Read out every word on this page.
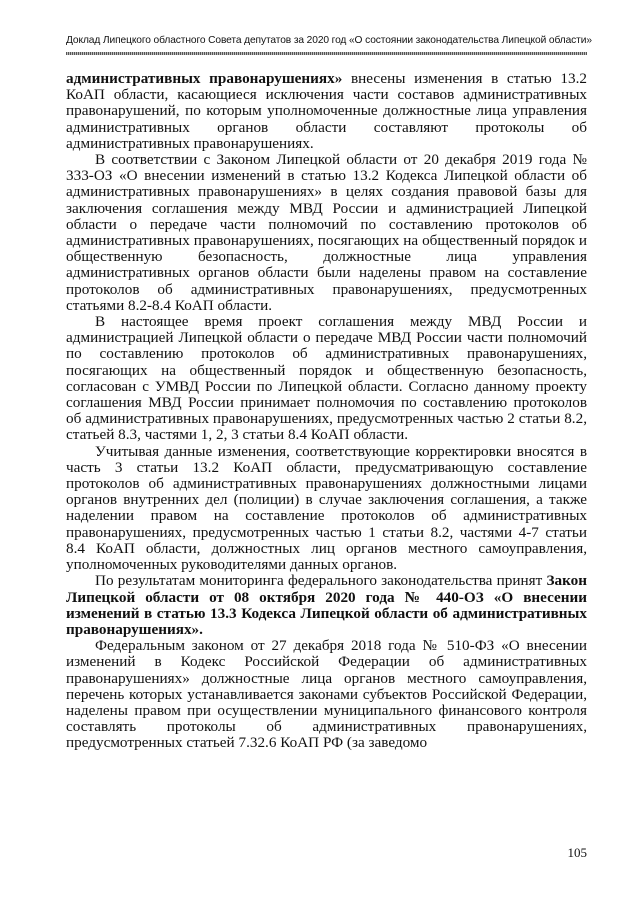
Доклад Липецкого областного Совета депутатов за 2020 год «О состоянии законодательства Липецкой области»

административных правонарушениях» внесены изменения в статью 13.2 КоАП области, касающиеся исключения части составов административных правонарушений, по которым уполномоченные должностные лица управления административных органов области составляют протоколы об административных правонарушениях.

В соответствии с Законом Липецкой области от 20 декабря 2019 года № 333-ОЗ «О внесении изменений в статью 13.2 Кодекса Липецкой области об административных правонарушениях» в целях создания правовой базы для заключения соглашения между МВД России и администрацией Липецкой области о передаче части полномочий по составлению протоколов об административных правонарушениях, посягающих на общественный порядок и общественную безопасность, должностные лица управления административных органов области были наделены правом на составление протоколов об административных правонарушениях, предусмотренных статьями 8.2-8.4 КоАП области.

В настоящее время проект соглашения между МВД России и администрацией Липецкой области о передаче МВД России части полномочий по составлению протоколов об административных правонарушениях, посягающих на общественный порядок и общественную безопасность, согласован с УМВД России по Липецкой области. Согласно данному проекту соглашения МВД России принимает полномочия по составлению протоколов об административных правонарушениях, предусмотренных частью 2 статьи 8.2, статьей 8.3, частями 1, 2, 3 статьи 8.4 КоАП области.

Учитывая данные изменения, соответствующие корректировки вносятся в часть 3 статьи 13.2 КоАП области, предусматривающую составление протоколов об административных правонарушениях должностными лицами органов внутренних дел (полиции) в случае заключения соглашения, а также наделении правом на составление протоколов об административных правонарушениях, предусмотренных частью 1 статьи 8.2, частями 4-7 статьи 8.4 КоАП области, должностных лиц органов местного самоуправления, уполномоченных руководителями данных органов.

По результатам мониторинга федерального законодательства принят Закон Липецкой области от 08 октября 2020 года № 440-ОЗ «О внесении изменений в статью 13.3 Кодекса Липецкой области об административных правонарушениях».

Федеральным законом от 27 декабря 2018 года № 510-ФЗ «О внесении изменений в Кодекс Российской Федерации об административных правонарушениях» должностные лица органов местного самоуправления, перечень которых устанавливается законами субъектов Российской Федерации, наделены правом при осуществлении муниципального финансового контроля составлять протоколы об административных правонарушениях, предусмотренных статьей 7.32.6 КоАП РФ (за заведомо

105
